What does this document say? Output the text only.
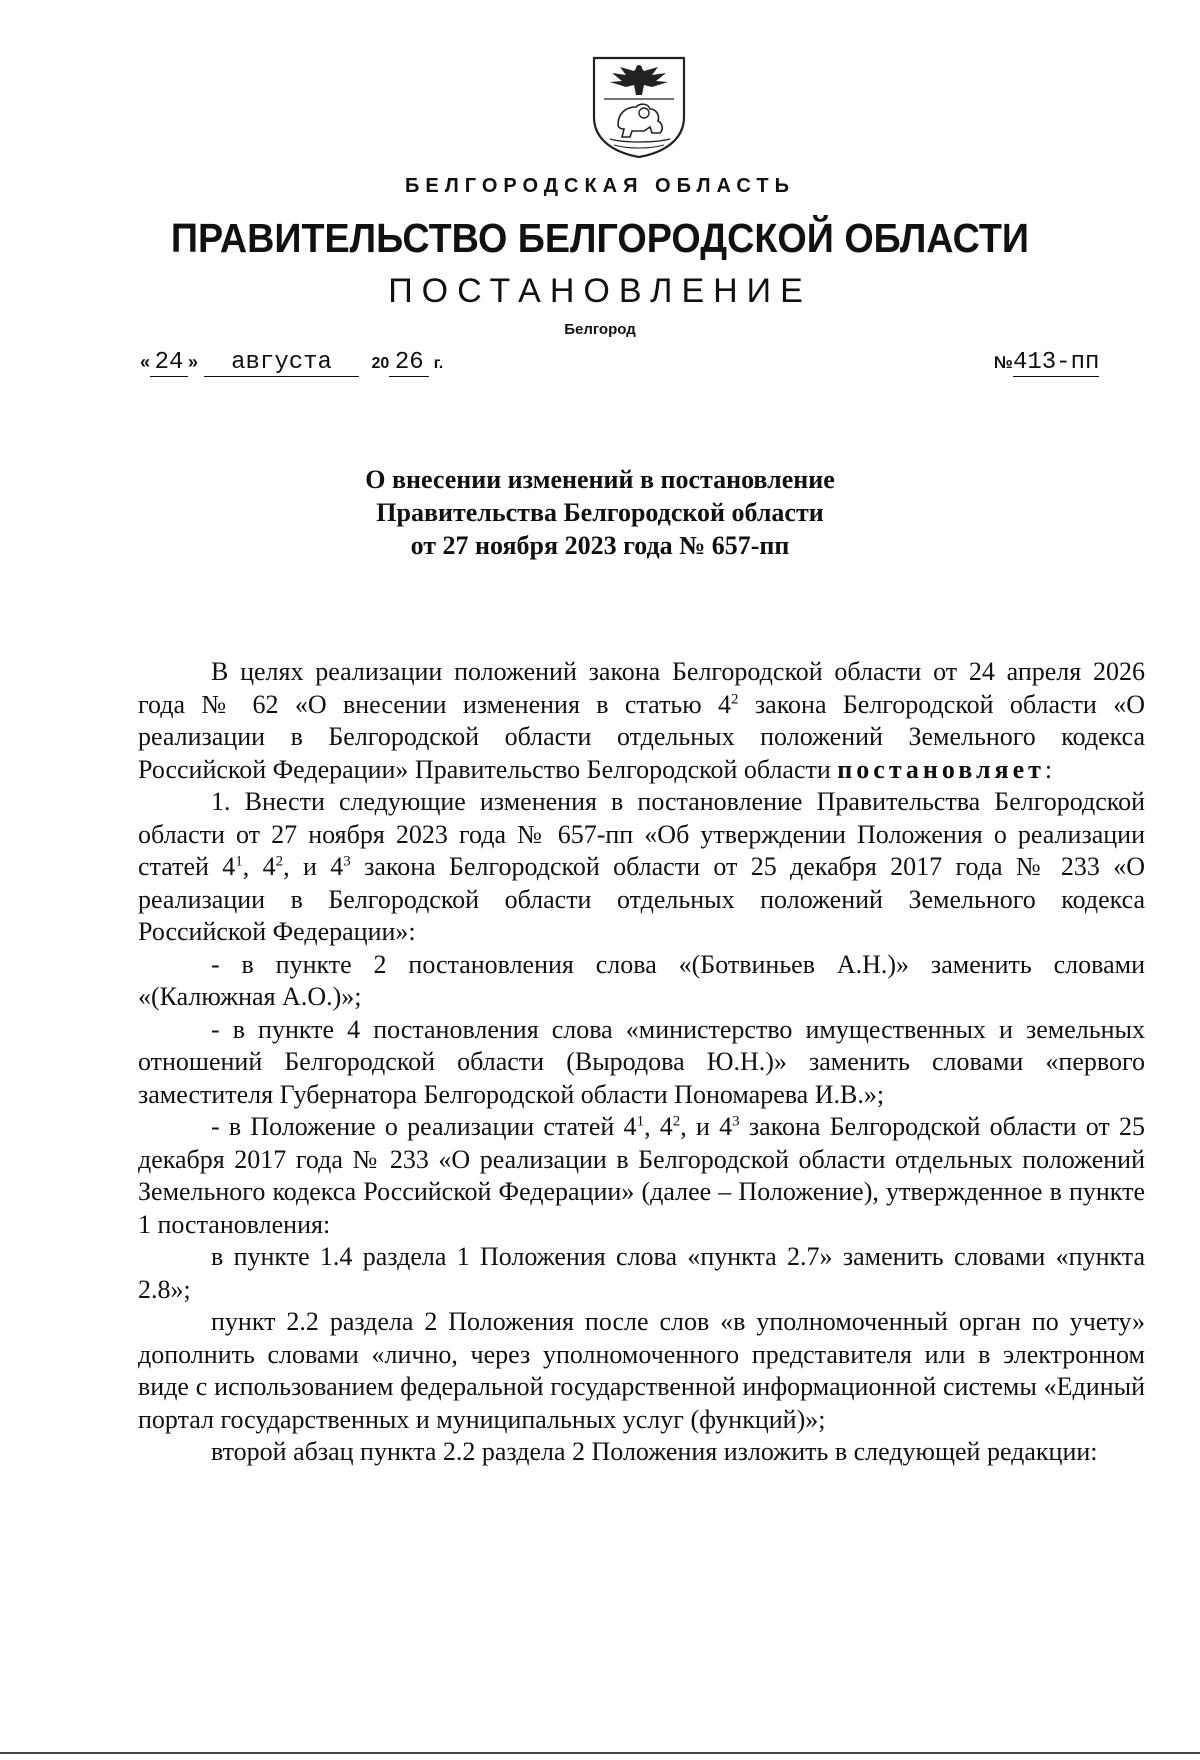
БЕЛГОРОДСКАЯ ОБЛАСТЬ
ПРАВИТЕЛЬСТВО БЕЛГОРОДСКОЙ ОБЛАСТИ
ПОСТАНОВЛЕНИЕ
Белгород
« 24 » августа 20 26 г.	№413-пп
О внесении изменений в постановление
Правительства Белгородской области
от 27 ноября 2023 года № 657-пп

В целях реализации положений закона Белгородской области от 24 апреля 2026 года № 62 «О внесении изменения в статью $4^2$ закона Белгородской области «О реализации в Белгородской области отдельных положений Земельного кодекса Российской Федерации» Правительство Белгородской области постановляет:

1. Внести следующие изменения в постановление Правительства Белгородской области от 27 ноября 2023 года № 657-пп «Об утверждении Положения о реализации статей $4^1$, $4^2$, и $4^3$ закона Белгородской области от 25 декабря 2017 года № 233 «О реализации в Белгородской области отдельных положений Земельного кодекса Российской Федерации»:

- в пункте 2 постановления слова «(Ботвиньев А.Н.)» заменить словами «(Калюжная А.О.)»;

- в пункте 4 постановления слова «министерство имущественных и земельных отношений Белгородской области (Выродова Ю.Н.)» заменить словами «первого заместителя Губернатора Белгородской области Пономарева И.В.»;

- в Положение о реализации статей $4^1$, $4^2$, и $4^3$ закона Белгородской области от 25 декабря 2017 года № 233 «О реализации в Белгородской области отдельных положений Земельного кодекса Российской Федерации» (далее – Положение), утвержденное в пункте 1 постановления:

в пункте 1.4 раздела 1 Положения слова «пункта 2.7» заменить словами «пункта 2.8»;

пункт 2.2 раздела 2 Положения после слов «в уполномоченный орган по учету» дополнить словами «лично, через уполномоченного представителя или в электронном виде с использованием федеральной государственной информационной системы «Единый портал государственных и муниципальных услуг (функций)»;

второй абзац пункта 2.2 раздела 2 Положения изложить в следующей редакции:
